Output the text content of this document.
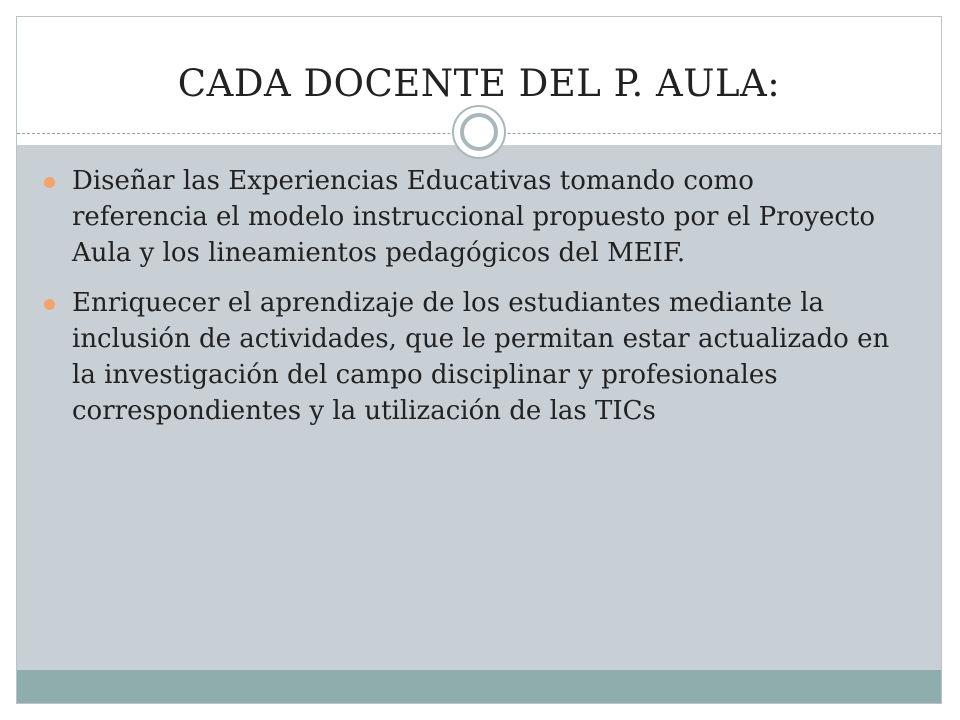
CADA DOCENTE DEL P. AULA:
Diseñar las Experiencias Educativas tomando como referencia el modelo instruccional propuesto por el Proyecto Aula y los lineamientos pedagógicos del MEIF.
Enriquecer el aprendizaje de los estudiantes mediante la inclusión de actividades, que le permitan estar actualizado en la investigación del campo disciplinar y profesionales correspondientes y la utilización de las TICs
